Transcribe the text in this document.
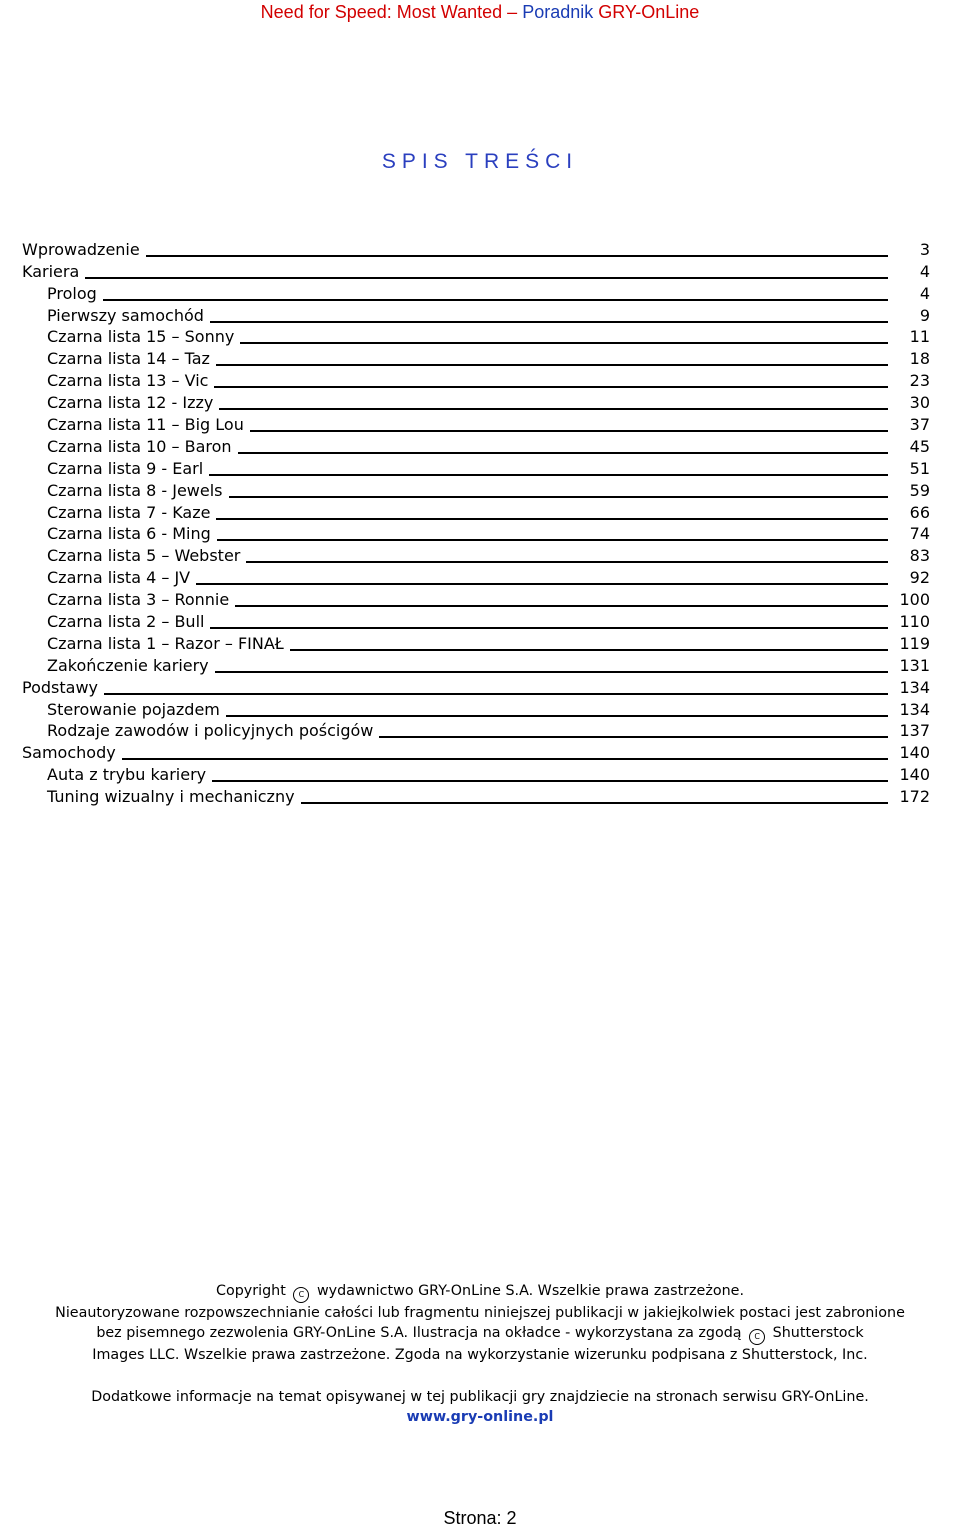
Need for Speed: Most Wanted – Poradnik GRY-OnLine
SPIS TREŚCI
Wprowadzenie	3
Kariera	4
Prolog	4
Pierwszy samochód	9
Czarna lista 15 – Sonny	11
Czarna lista 14 – Taz	18
Czarna lista 13 – Vic	23
Czarna lista 12 - Izzy	30
Czarna lista 11 – Big Lou	37
Czarna lista 10 – Baron	45
Czarna lista 9 - Earl	51
Czarna lista 8 - Jewels	59
Czarna lista 7 - Kaze	66
Czarna lista 6 - Ming	74
Czarna lista 5 – Webster	83
Czarna lista 4 – JV	92
Czarna lista 3 – Ronnie	100
Czarna lista 2 – Bull	110
Czarna lista 1 – Razor – FINAŁ	119
Zakończenie kariery	131
Podstawy	134
Sterowanie pojazdem	134
Rodzaje zawodów i policyjnych pościgów	137
Samochody	140
Auta z trybu kariery	140
Tuning wizualny i mechaniczny	172

Copyright C wydawnictwo GRY-OnLine S.A. Wszelkie prawa zastrzeżone.

Nieautoryzowane rozpowszechnianie całości lub fragmentu niniejszej publikacji w jakiejkolwiek postaci jest zabronione

bez pisemnego zezwolenia GRY-OnLine S.A. Ilustracja na okładce - wykorzystana za zgodą C Shutterstock

Images LLC. Wszelkie prawa zastrzeżone. Zgoda na wykorzystanie wizerunku podpisana z Shutterstock, Inc.

Dodatkowe informacje na temat opisywanej w tej publikacji gry znajdziecie na stronach serwisu GRY-OnLine.

www.gry-online.pl

Strona: 2
